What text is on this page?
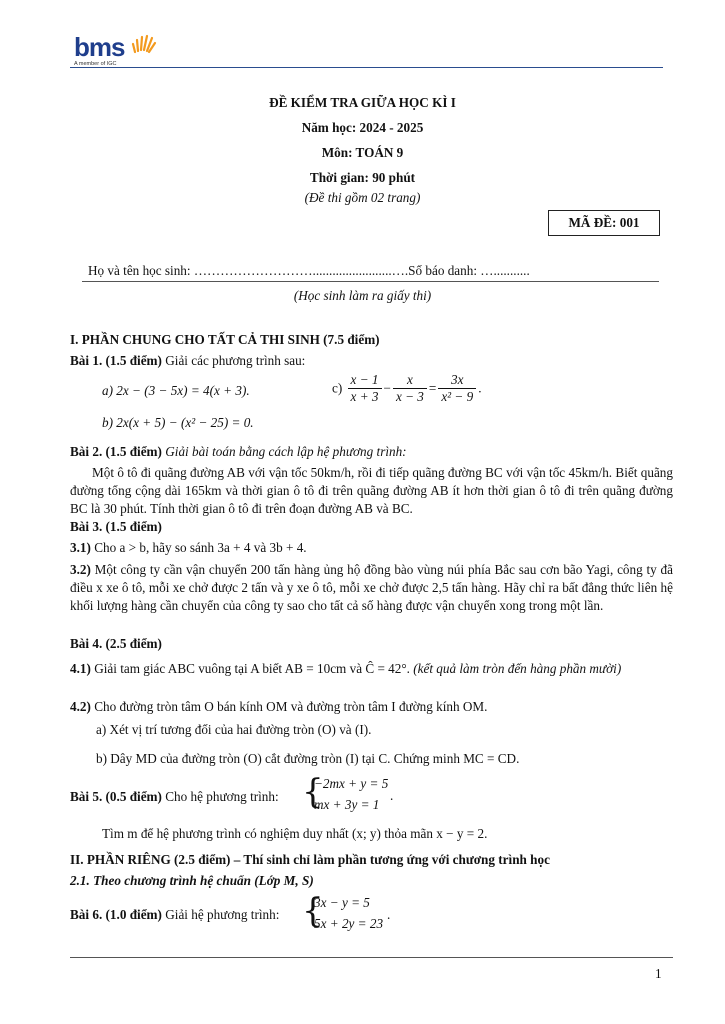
bms
A member of IGC
ĐỀ KIỂM TRA GIỮA HỌC KÌ I
Năm học: 2024 - 2025
Môn: TOÁN 9
Thời gian: 90 phút
(Đề thi gồm 02 trang)
MÃ ĐỀ: 001
Họ và tên học sinh: ………………………........................….Số báo danh: …...........
(Học sinh làm ra giấy thi)
I. PHẦN CHUNG CHO TẤT CẢ THI SINH (7.5 điểm)
Bài 1. (1.5 điểm) Giải các phương trình sau:
a) 2x − (3 − 5x) = 4(x + 3).	$c) \frac{x - 1}{x + 3} - \frac{x}{x - 3} = \frac{3x}{\text{x² − 9}}$ .
b) 2x(x + 5) − (x² − 25) = 0.
Bài 2. (1.5 điểm) Giải bài toán bằng cách lập hệ phương trình:
Một ô tô đi quãng đường AB với vận tốc 50km/h, rồi đi tiếp quãng đường BC với vận tốc 45km/h. Biết quãng đường tổng cộng dài 165km và thời gian ô tô đi trên quãng đường AB ít hơn thời gian ô tô đi trên quãng đường BC là 30 phút. Tính thời gian ô tô đi trên đoạn đường AB và BC.
Bài 3. (1.5 điểm)
3.1) Cho a > b, hãy so sánh 3a + 4 và 3b + 4.
3.2) Một công ty cần vận chuyển 200 tấn hàng ủng hộ đồng bào vùng núi phía Bắc sau cơn bão Yagi, công ty đã điều x xe ô tô, mỗi xe chở được 2 tấn và y xe ô tô, mỗi xe chở được 2,5 tấn hàng. Hãy chỉ ra bất đẳng thức liên hệ khối lượng hàng cần chuyển của công ty sao cho tất cả số hàng được vận chuyển xong trong một lần.
Bài 4. (2.5 điểm)
4.1) Giải tam giác ABC vuông tại A biết AB = 10cm và Ĉ = 42°. (kết quả làm tròn đến hàng phần mười)
4.2) Cho đường tròn tâm O bán kính OM và đường tròn tâm I đường kính OM.
a) Xét vị trí tương đối của hai đường tròn (O) và (I).
b) Dây MD của đường tròn (O) cắt đường tròn (I) tại C. Chứng minh MC = CD.
Bài 5. (0.5 điểm) Cho hệ phương trình: {
−2mx + y = 5
mx + 3y = 1
.
Tìm m để hệ phương trình có nghiệm duy nhất (x; y) thỏa mãn x − y = 2.
II. PHẦN RIÊNG (2.5 điểm) – Thí sinh chỉ làm phần tương ứng với chương trình học
2.1. Theo chương trình hệ chuẩn (Lớp M, S)
Bài 6. (1.0 điểm) Giải hệ phương trình: {
3x − y = 5
5x + 2y = 23
.
1
